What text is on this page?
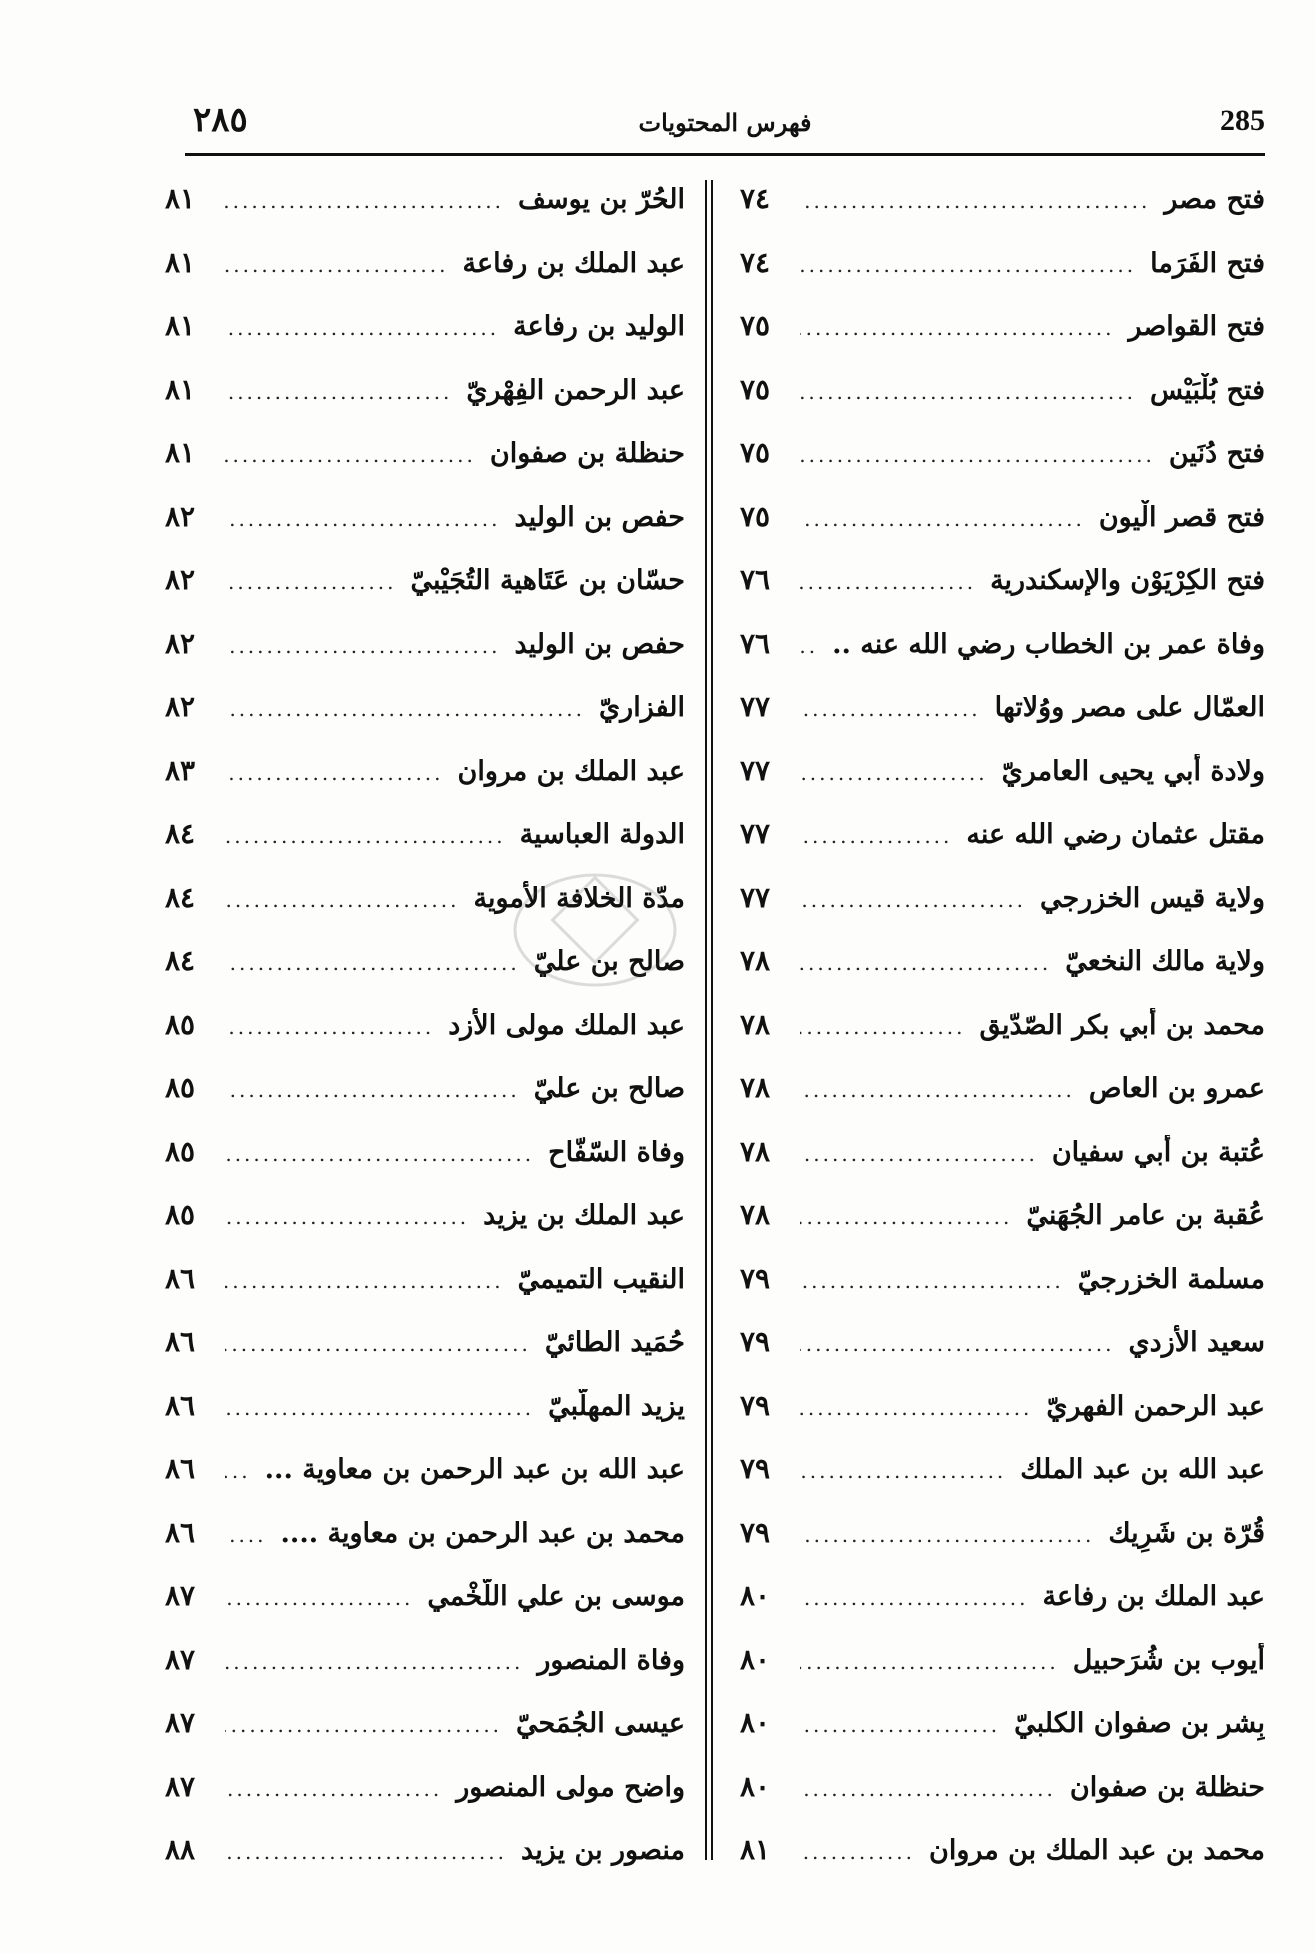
٢٨٥	فهرس المحتويات	285
فتح مصر
.....
٧٤
فتح الفَرَما
.....
٧٤
فتح القواصر
.....
٧٥
فتح بُلْبَيْس
.....
٧٥
فتح دُنَين
.....
٧٥
فتح قصر الْيون
.....
٧٥
فتح الكِرْيَوْن والإسكندرية
.....
٧٦
وفاة عمر بن الخطاب رضي الله عنه ..
.....
٧٦
العمّال على مصر ووُلاتها
.....
٧٧
ولادة أبي يحيى العامريّ
.....
٧٧
مقتل عثمان رضي الله عنه
.....
٧٧
ولاية قيس الخزرجي
.....
٧٧
ولاية مالك النخعيّ
.....
٧٨
محمد بن أبي بكر الصّدّيق
.....
٧٨
عمرو بن العاص
.....
٧٨
عُتبة بن أبي سفيان
.....
٧٨
عُقبة بن عامر الجُهَنيّ
.....
٧٨
مسلمة الخزرجيّ
.....
٧٩
سعيد الأزدي
.....
٧٩
عبد الرحمن الفهريّ
.....
٧٩
عبد الله بن عبد الملك
.....
٧٩
قُرّة بن شَرِيك
.....
٧٩
عبد الملك بن رفاعة
.....
٨٠
أيوب بن شُرَحبيل
.....
٨٠
بِشر بن صفوان الكلبيّ
.....
٨٠
حنظلة بن صفوان
.....
٨٠
محمد بن عبد الملك بن مروان
.....
٨١
الحُرّ بن يوسف
.....
٨١
عبد الملك بن رفاعة
.....
٨١
الوليد بن رفاعة
.....
٨١
عبد الرحمن الفِهْريّ
.....
٨١
حنظلة بن صفوان
.....
٨١
حفص بن الوليد
.....
٨٢
حسّان بن عَتَاهية التُجَيْبيّ
.....
٨٢
حفص بن الوليد
.....
٨٢
الفزاريّ
.....
٨٢
عبد الملك بن مروان
.....
٨٣
الدولة العباسية
.....
٨٤
مدّة الخلافة الأموية
.....
٨٤
صالح بن عليّ
.....
٨٤
عبد الملك مولى الأزد
.....
٨٥
صالح بن عليّ
.....
٨٥
وفاة السّفّاح
.....
٨٥
عبد الملك بن يزيد
.....
٨٥
النقيب التميميّ
.....
٨٦
حُمَيد الطائيّ
.....
٨٦
يزيد المهلّبيّ
.....
٨٦
عبد الله بن عبد الرحمن بن معاوية ...
.....
٨٦
محمد بن عبد الرحمن بن معاوية ....
.....
٨٦
موسى بن علي اللّخْمي
.....
٨٧
وفاة المنصور
.....
٨٧
عيسى الجُمَحيّ
.....
٨٧
واضح مولى المنصور
.....
٨٧
منصور بن يزيد
.....
٨٨
